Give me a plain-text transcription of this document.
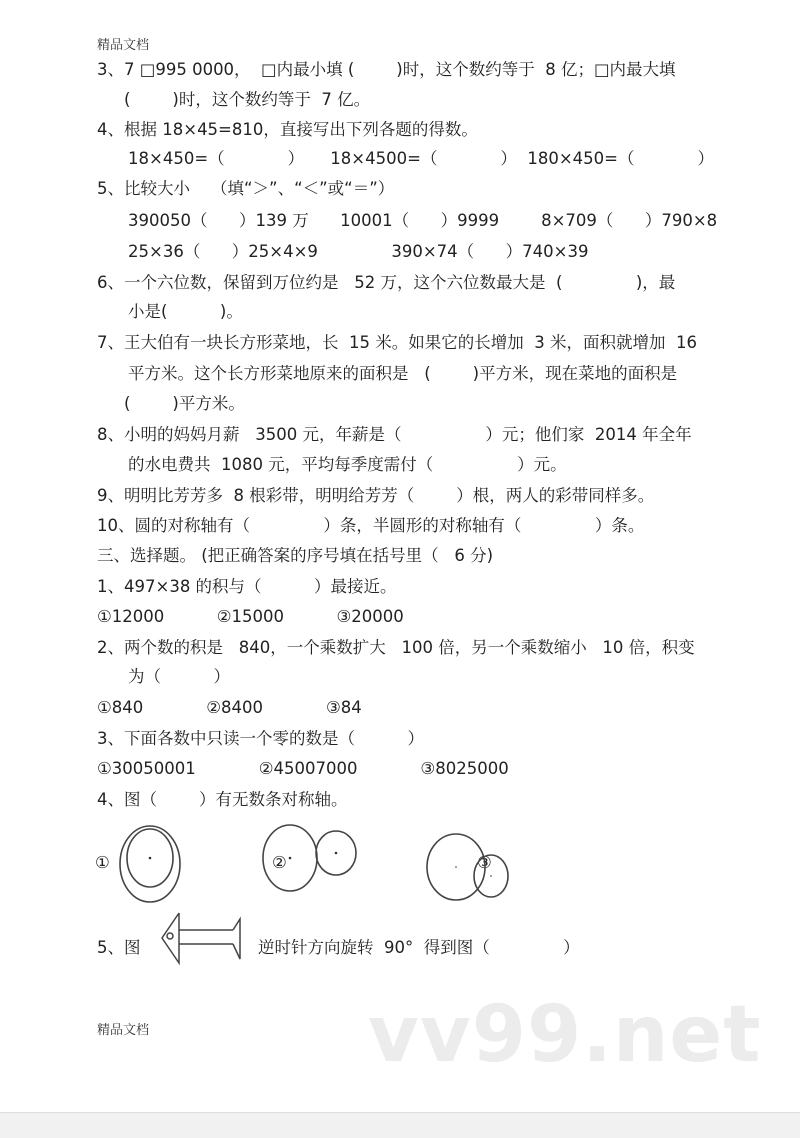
精品文档
3、7 □995 0000，  □内最小填 (        )时，这个数约等于  8 亿；□内最大填
(        )时，这个数约等于  7 亿。
4、根据 18×45=810，直接写出下列各题的得数。
18×450=（            ）     18×4500=（            ）  180×450=（            ）
5、比较大小    （填“＞”、“＜”或“＝”）
390050（      ）139 万      10001（      ）9999        8×709（      ）790×8
25×36（      ）25×4×9              390×74（      ）740×39
6、一个六位数，保留到万位约是   52 万，这个六位数最大是  (              )，最
小是(          )。
7、王大伯有一块长方形菜地，长  15 米。如果它的长增加  3 米，面积就增加  16
平方米。这个长方形菜地原来的面积是   (        )平方米，现在菜地的面积是
(        )平方米。
8、小明的妈妈月薪   3500 元，年薪是（                ）元；他们家  2014 年全年
的水电费共  1080 元，平均每季度需付（                ）元。
9、明明比芳芳多  8 根彩带，明明给芳芳（        ）根，两人的彩带同样多。
10、圆的对称轴有（              ）条，半圆形的对称轴有（              ）条。
三、选择题。 (把正确答案的序号填在括号里（   6 分)
1、497×38 的积与（          ）最接近。
①12000          ②15000          ③20000
2、两个数的积是   840，一个乘数扩大   100 倍，另一个乘数缩小   10 倍，积变
为（          ）
①840            ②8400            ③84
3、下面各数中只读一个零的数是（          ）
①30050001            ②45007000            ③8025000
4、图（        ）有无数条对称轴。
①	②	③
5、图	逆时针方向旋转  90°  得到图（              ）
精品文档	vv99.net
